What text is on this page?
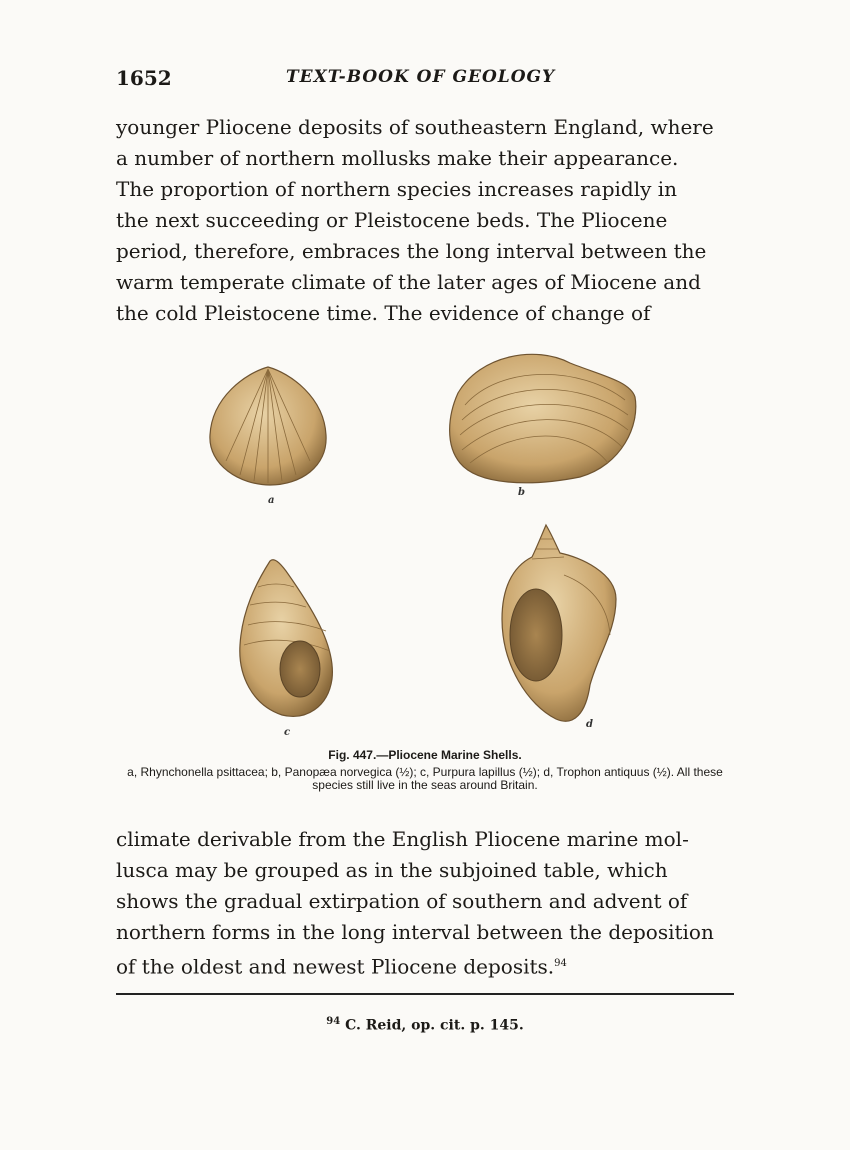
1652	TEXT-BOOK OF GEOLOGY
younger Pliocene deposits of southeastern England, where
a number of northern mollusks make their appearance.
The proportion of northern species increases rapidly in
the next succeeding or Pleistocene beds. The Pliocene
period, therefore, embraces the long interval between the
warm temperate climate of the later ages of Miocene and
the cold Pleistocene time. The evidence of change of
a
b
c
d
Fig. 447.—Pliocene Marine Shells.
a, Rhynchonella psittacea; b, Panopæa norvegica (½); c, Purpura lapillus (½); d, Trophon antiquus (½). All these species still live in the seas around Britain.
climate derivable from the English Pliocene marine mol-
lusca may be grouped as in the subjoined table, which
shows the gradual extirpation of southern and advent of
northern forms in the long interval between the deposition
of the oldest and newest Pliocene deposits.$^{94}$
$^{94}$ C. Reid, op. cit. p. 145.
